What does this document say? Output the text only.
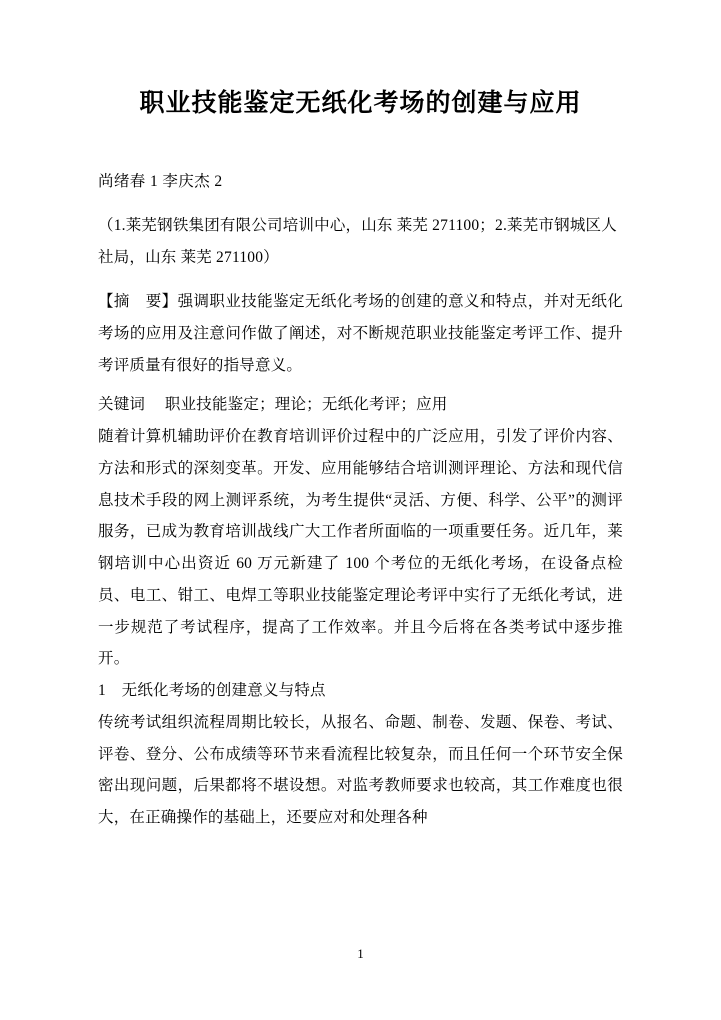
职业技能鉴定无纸化考场的创建与应用
尚绪春 1 李庆杰 2
（1.莱芜钢铁集团有限公司培训中心，山东 莱芜 271100；2.莱芜市钢城区人社局，山东 莱芜 271100）
【摘　要】强调职业技能鉴定无纸化考场的创建的意义和特点，并对无纸化考场的应用及注意问作做了阐述，对不断规范职业技能鉴定考评工作、提升考评质量有很好的指导意义。
关键词　 职业技能鉴定；理论；无纸化考评；应用

随着计算机辅助评价在教育培训评价过程中的广泛应用，引发了评价内容、方法和形式的深刻变革。开发、应用能够结合培训测评理论、方法和现代信息技术手段的网上测评系统，为考生提供“灵活、方便、科学、公平”的测评服务，已成为教育培训战线广大工作者所面临的一项重要任务。近几年，莱钢培训中心出资近 60 万元新建了 100 个考位的无纸化考场，在设备点检员、电工、钳工、电焊工等职业技能鉴定理论考评中实行了无纸化考试，进一步规范了考试程序，提高了工作效率。并且今后将在各类考试中逐步推开。

1　无纸化考场的创建意义与特点

传统考试组织流程周期比较长，从报名、命题、制卷、发题、保卷、考试、评卷、登分、公布成绩等环节来看流程比较复杂，而且任何一个环节安全保密出现问题，后果都将不堪设想。对监考教师要求也较高，其工作难度也很大，在正确操作的基础上，还要应对和处理各种

1
